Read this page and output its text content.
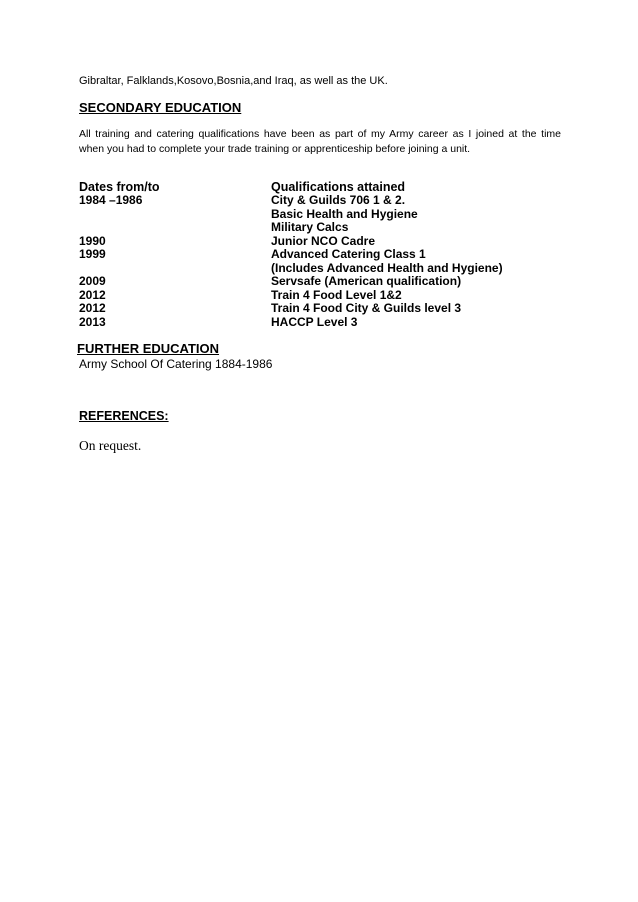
Gibraltar, Falklands,Kosovo,Bosnia,and Iraq, as well as the UK.
SECONDARY EDUCATION
All training and catering qualifications have been as part of my Army career as I joined at the time
when you had to complete your trade training or apprenticeship before joining a unit.
Dates from/to	Qualifications attained
1984 –1986	City & Guilds 706 1 & 2.
Basic Health and Hygiene
Military Calcs
1990	Junior NCO Cadre
1999	Advanced Catering Class 1
(Includes Advanced Health and Hygiene)
2009	Servsafe (American qualification)
2012	Train 4 Food Level 1&2
2012	Train 4 Food City & Guilds level 3
2013	HACCP Level 3
FURTHER EDUCATION
Army School Of Catering 1884-1986
REFERENCES:
On request.
